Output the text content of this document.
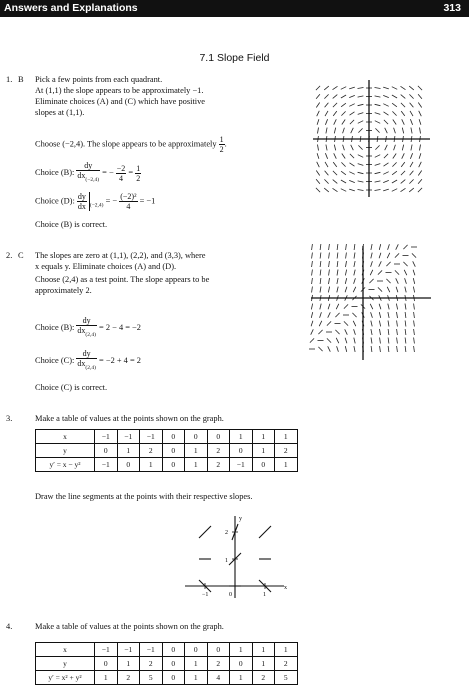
Answers and Explanations	313
7.1 Slope Field
1. B Pick a few points from each quadrant.
At (1,1) the slope appears to be approximately −1.
Eliminate choices (A) and (C) which have positive
slopes at (1,1).
Choose (−2,4). The slope appears to be approximately $\frac{1}{2}$ .
Choice (B): $\frac{dy}{dx_{(-2,4)}}$ = − $\frac{-2}{4} = \frac{1}{2}$
Choice (D): $\frac{dy}{dx} _{(-2,4)}$ = − $\frac{\text{(−2)²}}{4} = -1$
Choice (B) is correct.
2. C The slopes are zero at (1,1), (2,2), and (3,3), where
x equals y. Eliminate choices (A) and (D).
Choose (2,4) as a test point. The slope appears to be
approximately 2.
Choice (B): $\frac{dy}{dx_{(2,4)}} = 2 - 4 = -2$
Choice (C): $\frac{dy}{dx_{(2,4)}} = -2 + 4 = 2$
Choice (C) is correct.
3.	Make a table of values at the points shown on the graph.
x	−1	−1	−1	0	0	0	1	1	1
y	0	1	2	0	1	2	0	1	2
y′ = x − y²	−1	0	1	0	1	2	−1	0	1
Draw the line segments at the points with their respective slopes.
y
2
1
x
−1	0	1
4.	Make a table of values at the points shown on the graph.
x	−1	−1	−1	0	0	0	1	1	1
y	0	1	2	0	1	2	0	1	2
y′ = x² + y²	1	2	5	0	1	4	1	2	5
